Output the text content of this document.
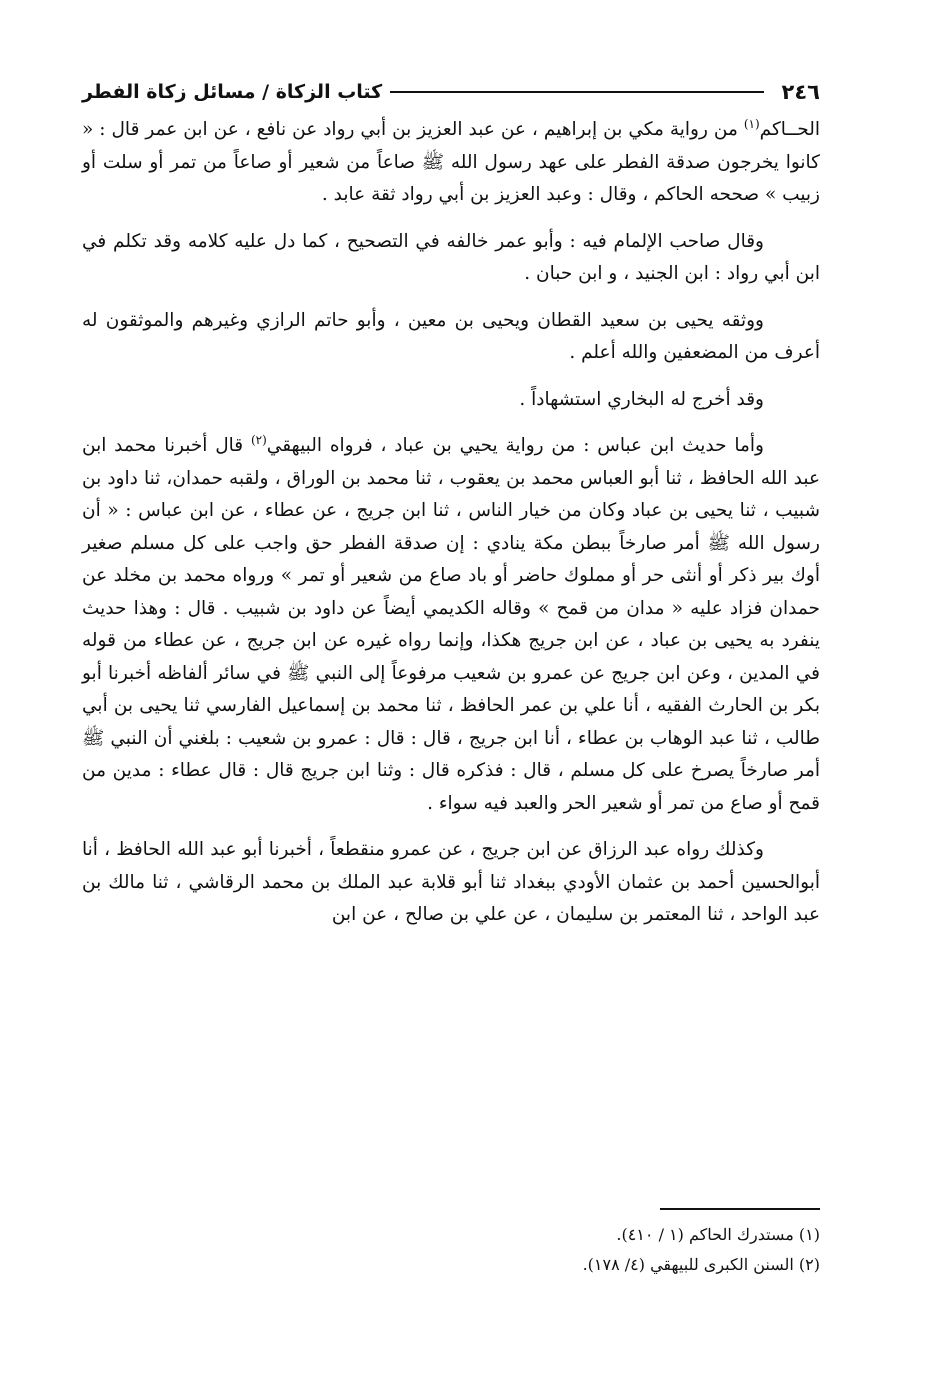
٢٤٦
كتاب الزكاة / مسائل زكاة الفطر

الحــاكم$^{(١)}$ من رواية مكي بن إبراهيم ، عن عبد العزيز بن أبي رواد عن نافع ، عن ابن عمر قال : « كانوا يخرجون صدقة الفطر على عهد رسول الله ﷺ صاعاً من شعير أو صاعاً من تمر أو سلت أو زبيب » صححه الحاكم ، وقال : وعبد العزيز بن أبي رواد ثقة عابد .

وقال صاحب الإلمام فيه : وأبو عمر خالفه في التصحيح ، كما دل عليه كلامه وقد تكلم في ابن أبي رواد : ابن الجنيد ، و ابن حبان .

ووثقه يحيى بن سعيد القطان ويحيى بن معين ، وأبو حاتم الرازي وغيرهم والموثقون له أعرف من المضعفين والله أعلم .

وقد أخرج له البخاري استشهاداً .

وأما حديث ابن عباس : من رواية يحيي بن عباد ، فرواه البيهقي$^{(٢)}$ قال أخبرنا محمد ابن عبد الله الحافظ ، ثنا أبو العباس محمد بن يعقوب ، ثنا محمد بن الوراق ، ولقبه حمدان، ثنا داود بن شبيب ، ثنا يحيى بن عباد وكان من خيار الناس ، ثنا ابن جريج ، عن عطاء ، عن ابن عباس : « أن رسول الله ﷺ أمر صارخاً ببطن مكة ينادي : إن صدقة الفطر حق واجب على كل مسلم صغير أوك بير ذكر أو أنثى حر أو مملوك حاضر أو باد صاع من شعير أو تمر » ورواه محمد بن مخلد عن حمدان فزاد عليه « مدان من قمح » وقاله الكديمي أيضاً عن داود بن شبيب . قال : وهذا حديث ينفرد به يحيى بن عباد ، عن ابن جريج هكذا، وإنما رواه غيره عن ابن جريج ، عن عطاء من قوله في المدين ، وعن ابن جريج عن عمرو بن شعيب مرفوعاً إلى النبي ﷺ في سائر ألفاظه أخبرنا أبو بكر بن الحارث الفقيه ، أنا علي بن عمر الحافظ ، ثنا محمد بن إسماعيل الفارسي ثنا يحيى بن أبي طالب ، ثنا عبد الوهاب بن عطاء ، أنا ابن جريج ، قال : قال : عمرو بن شعيب : بلغني أن النبي ﷺ أمر صارخاً يصرخ على كل مسلم ، قال : فذكره قال : وثنا ابن جريج قال : قال عطاء : مدين من قمح أو صاع من تمر أو شعير الحر والعبد فيه سواء .

وكذلك رواه عبد الرزاق عن ابن جريج ، عن عمرو منقطعاً ، أخبرنا أبو عبد الله الحافظ ، أنا أبوالحسين أحمد بن عثمان الأودي ببغداد ثنا أبو قلابة عبد الملك بن محمد الرقاشي ، ثنا مالك بن عبد الواحد ، ثنا المعتمر بن سليمان ، عن علي بن صالح ، عن ابن

(١) مستدرك الحاكم (١ / ٤١٠).
(٢) السنن الكبرى للبيهقي (٤/ ١٧٨).
